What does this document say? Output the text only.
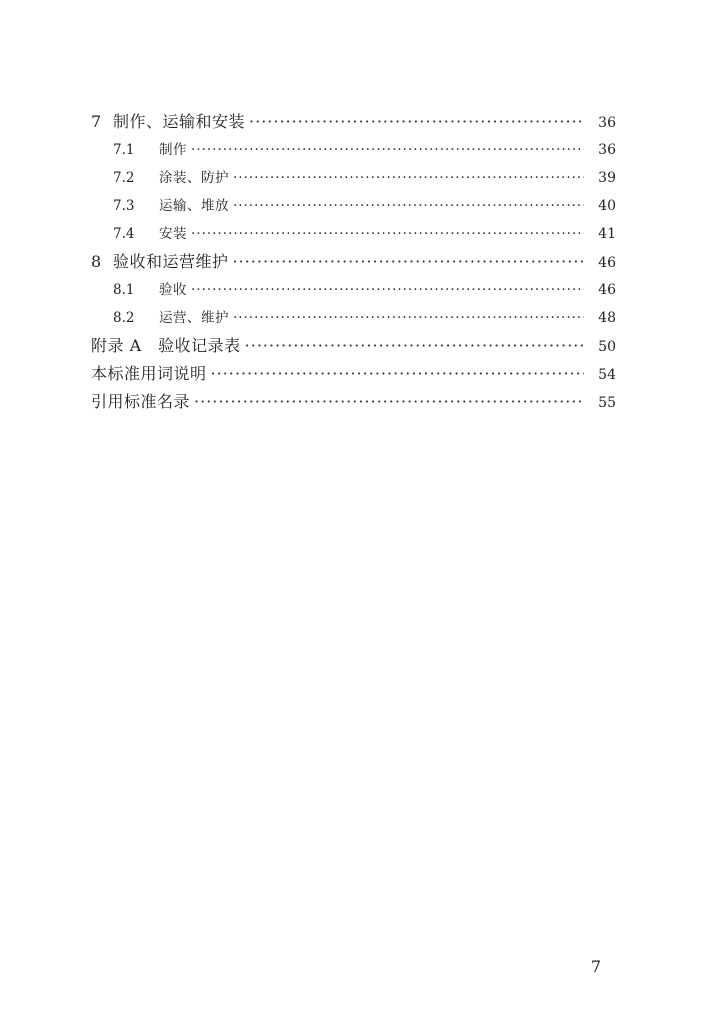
7 制作、运输和安装 ·····	36
7.1	制作 ·····	36
7.2	涂装、防护 ·····	39
7.3	运输、堆放 ·····	40
7.4	安装 ·····	41
8 验收和运营维护 ·····	46
8.1	验收 ·····	46
8.2	运营、维护 ·····	48
附录 A　验收记录表 ·····	50
本标准用词说明 ·····	54
引用标准名录 ·····	55
7
